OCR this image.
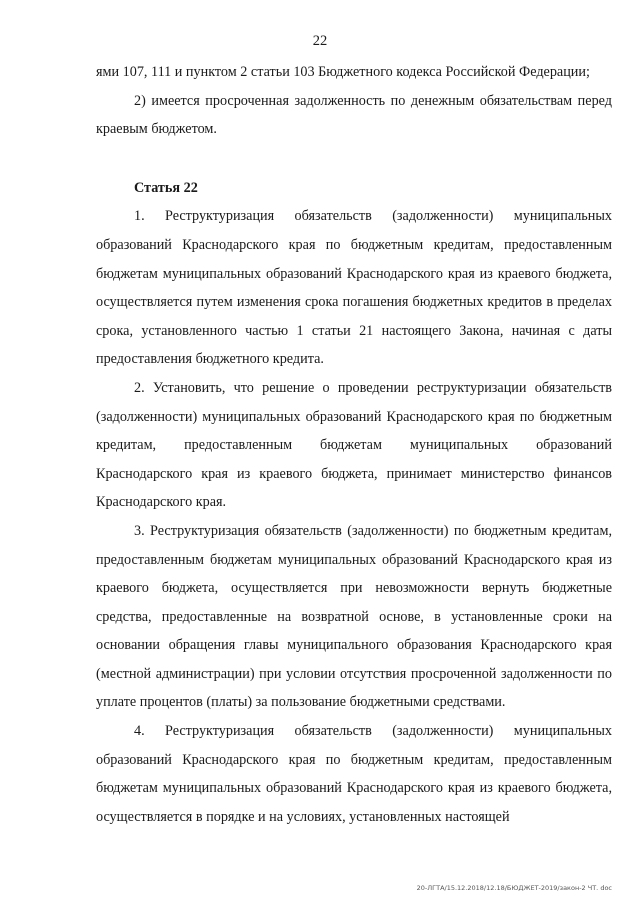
22

ями 107, 111 и пунктом 2 статьи 103 Бюджетного кодекса Российской Федерации;

2) имеется просроченная задолженность по денежным обязательствам перед краевым бюджетом.

Статья 22

1. Реструктуризация обязательств (задолженности) муниципальных образований Краснодарского края по бюджетным кредитам, предоставленным бюджетам муниципальных образований Краснодарского края из краевого бюджета, осуществляется путем изменения срока погашения бюджетных кредитов в пределах срока, установленного частью 1 статьи 21 настоящего Закона, начиная с даты предоставления бюджетного кредита.

2. Установить, что решение о проведении реструктуризации обязательств (задолженности) муниципальных образований Краснодарского края по бюджетным кредитам, предоставленным бюджетам муниципальных образований Краснодарского края из краевого бюджета, принимает министерство финансов Краснодарского края.

3. Реструктуризация обязательств (задолженности) по бюджетным кредитам, предоставленным бюджетам муниципальных образований Краснодарского края из краевого бюджета, осуществляется при невозможности вернуть бюджетные средства, предоставленные на возвратной основе, в установленные сроки на основании обращения главы муниципального образования Краснодарского края (местной администрации) при условии отсутствия просроченной задолженности по уплате процентов (платы) за пользование бюджетными средствами.

4. Реструктуризация обязательств (задолженности) муниципальных образований Краснодарского края по бюджетным кредитам, предоставленным бюджетам муниципальных образований Краснодарского края из краевого бюджета, осуществляется в порядке и на условиях, установленных настоящей

20-ЛГТА/15.12.2018/12.18/БЮДЖЕТ-2019/закон-2 ЧТ. doc
